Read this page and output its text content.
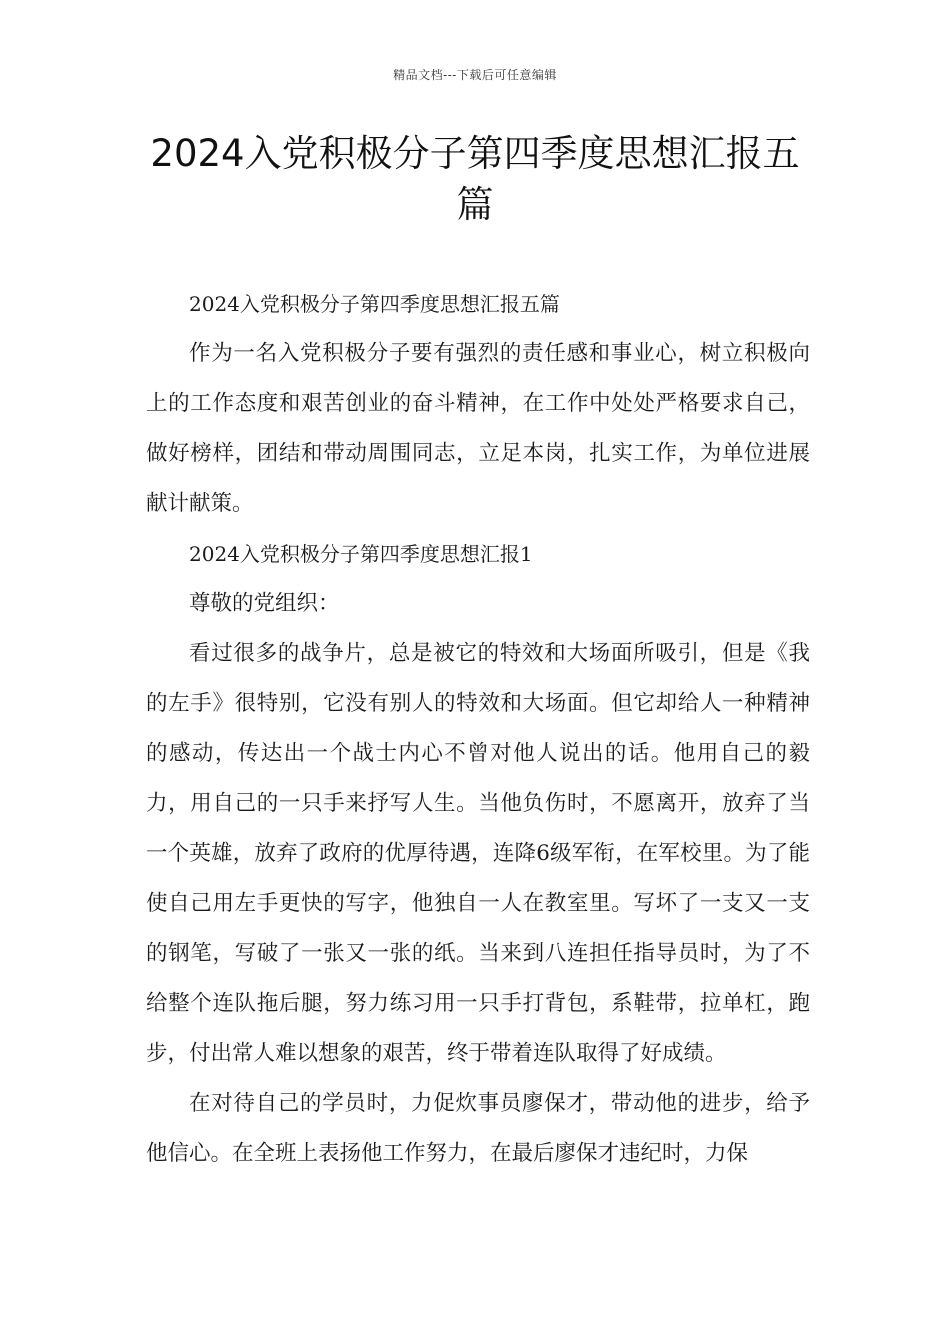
精品文档---下载后可任意编辑
2024入党积极分子第四季度思想汇报五篇

2024入党积极分子第四季度思想汇报五篇

作为一名入党积极分子要有强烈的责任感和事业心，树立积极向上的工作态度和艰苦创业的奋斗精神，在工作中处处严格要求自己，做好榜样，团结和带动周围同志，立足本岗，扎实工作，为单位进展献计献策。

2024入党积极分子第四季度思想汇报1

尊敬的党组织：

看过很多的战争片，总是被它的特效和大场面所吸引，但是《我的左手》很特别，它没有别人的特效和大场面。但它却给人一种精神的感动，传达出一个战士内心不曾对他人说出的话。他用自己的毅力，用自己的一只手来抒写人生。当他负伤时，不愿离开，放弃了当一个英雄，放弃了政府的优厚待遇，连降6级军衔，在军校里。为了能使自己用左手更快的写字，他独自一人在教室里。写坏了一支又一支的钢笔，写破了一张又一张的纸。当来到八连担任指导员时，为了不给整个连队拖后腿，努力练习用一只手打背包，系鞋带，拉单杠，跑步，付出常人难以想象的艰苦，终于带着连队取得了好成绩。

在对待自己的学员时，力促炊事员廖保才，带动他的进步，给予他信心。在全班上表扬他工作努力，在最后廖保才违纪时，力保
